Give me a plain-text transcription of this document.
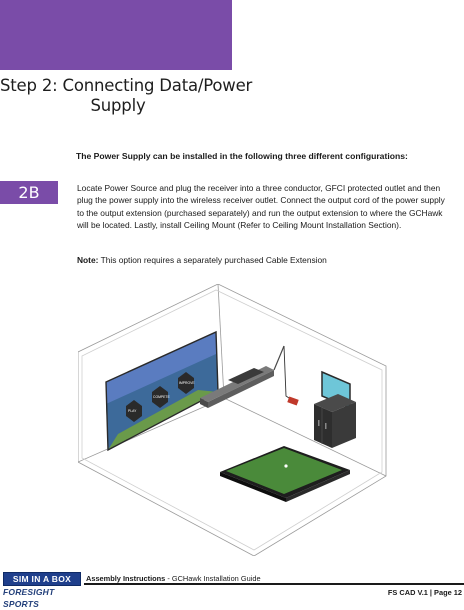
Step 2: Connecting Data/Power
Supply
The Power Supply can be installed in the following three different configurations:
2B	Locate Power Source and plug the receiver into a three conductor, GFCI protected outlet and then plug the power supply into the wireless receiver outlet. Connect the output cord of the power supply to the output extension (purchased separately) and run the output extension to where the GCHawk will be located. Lastly, install Ceiling Mount (Refer to Ceiling Mount Installation Section).
Note: This option requires a separately purchased Cable Extension
SIMINABOX
PLAY
COMPETE
IMPROVE
SIM IN A BOX
FORESIGHT SPORTS
Assembly Instructions - GCHawk Installation Guide
FS CAD V.1 | Page 12
